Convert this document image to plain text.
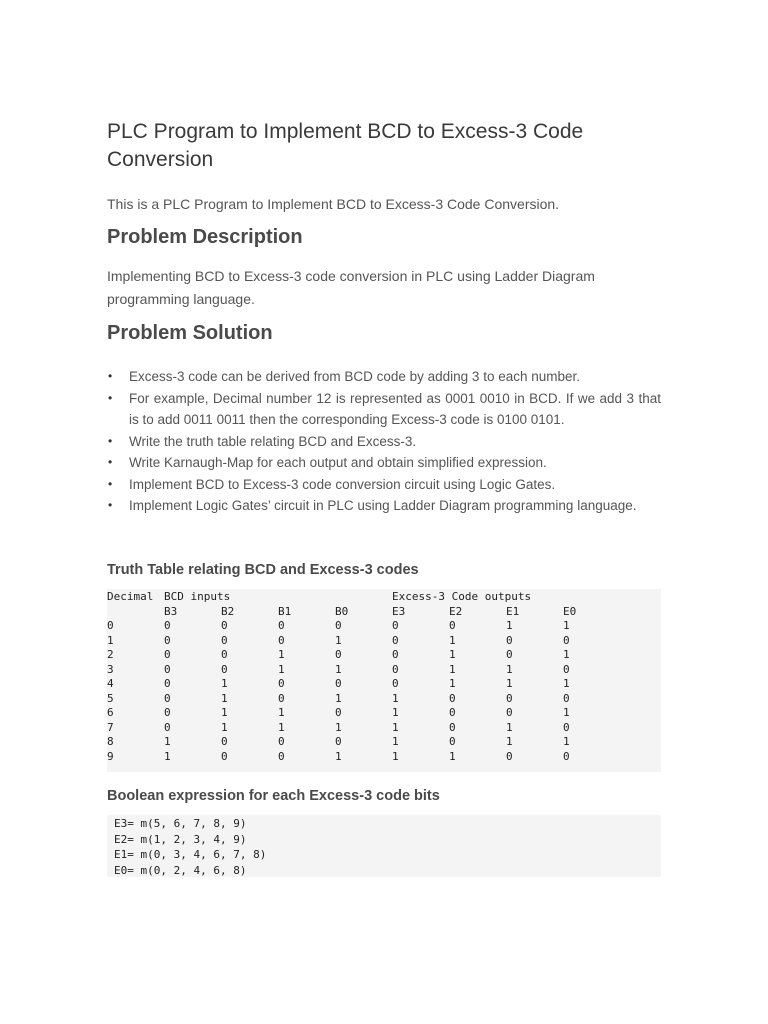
PLC Program to Implement BCD to Excess-3 Code Conversion

This is a PLC Program to Implement BCD to Excess-3 Code Conversion.

Problem Description

Implementing BCD to Excess-3 code conversion in PLC using Ladder Diagram programming language.

Problem Solution
• Excess-3 code can be derived from BCD code by adding 3 to each number.
• For example, Decimal number 12 is represented as 0001 0010 in BCD. If we add 3 that is to add 0011 0011 then the corresponding Excess-3 code is 0100 0101.
• Write the truth table relating BCD and Excess-3.
• Write Karnaugh-Map for each output and obtain simplified expression.
• Implement BCD to Excess-3 code conversion circuit using Logic Gates.
• Implement Logic Gates’ circuit in PLC using Ladder Diagram programming language.
Truth Table relating BCD and Excess-3 codes
Decimal	BCD inputs				Excess-3 Code outputs			
	B3	B2	B1	B0	E3	E2	E1	E0
0	0	0	0	0	0	0	1	1
1	0	0	0	1	0	1	0	0
2	0	0	1	0	0	1	0	1
3	0	0	1	1	0	1	1	0
4	0	1	0	0	0	1	1	1
5	0	1	0	1	1	0	0	0
6	0	1	1	0	1	0	0	1
7	0	1	1	1	1	0	1	0
8	1	0	0	0	1	0	1	1
9	1	0	0	1	1	1	0	0
Boolean expression for each Excess-3 code bits
E3= m(5, 6, 7, 8, 9)
E2= m(1, 2, 3, 4, 9)
E1= m(0, 3, 4, 6, 7, 8)
E0= m(0, 2, 4, 6, 8)
